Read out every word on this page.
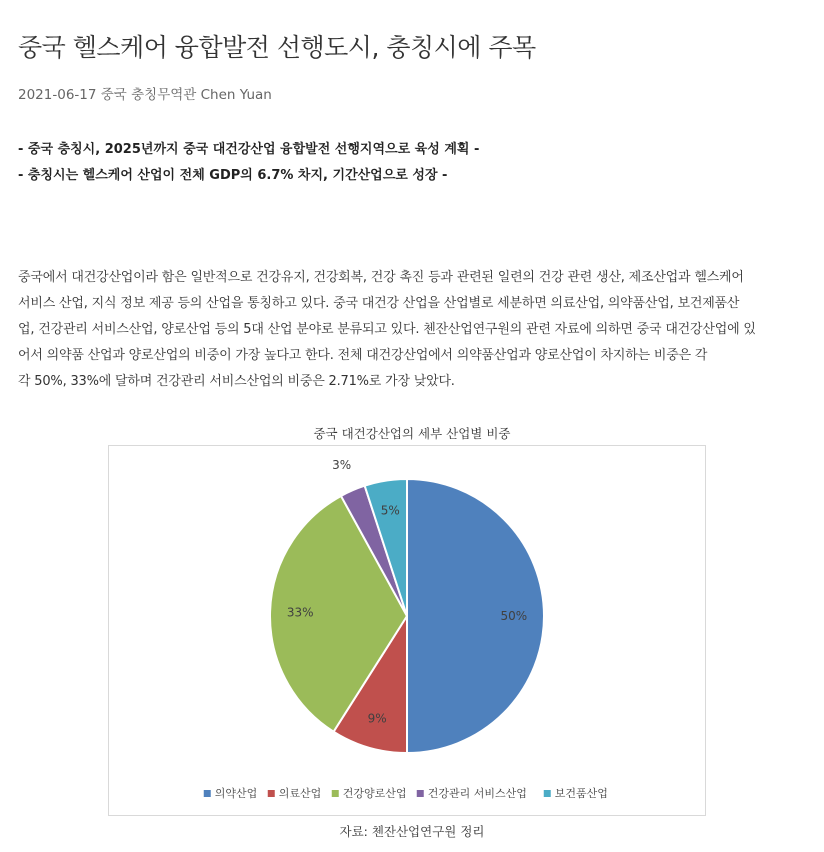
중국 헬스케어 융합발전 선행도시, 충칭시에 주목
2021-06-17 중국 충칭무역관 Chen Yuan
- 중국 충칭시, 2025년까지 중국 대건강산업 융합발전 선행지역으로 육성 계획 -
- 충칭시는 헬스케어 산업이 전체 GDP의 6.7% 차지, 기간산업으로 성장 -
중국에서 대건강산업이라 함은 일반적으로 건강유지, 건강회복, 건강 촉진 등과 관련된 일련의 건강 관련 생산, 제조산업과 헬스케어
서비스 산업, 지식 정보 제공 등의 산업을 통칭하고 있다. 중국 대건강 산업을 산업별로 세분하면 의료산업, 의약품산업, 보건제품산
업, 건강관리 서비스산업, 양로산업 등의 5대 산업 분야로 분류되고 있다. 첸잔산업연구원의 관련 자료에 의하면 중국 대건강산업에 있
어서 의약품 산업과 양로산업의 비중이 가장 높다고 한다. 전체 대건강산업에서 의약품산업과 양로산업이 차지하는 비중은 각
각 50%, 33%에 달하며 건강관리 서비스산업의 비중은 2.71%로 가장 낮았다.
중국 대건강산업의 세부 산업별 비중
50%
9%
33%
3%
5%
의약산업 의료산업 건강양로산업 건강관리 서비스산업	보건품산업
자료: 첸잔산업연구원 정리
